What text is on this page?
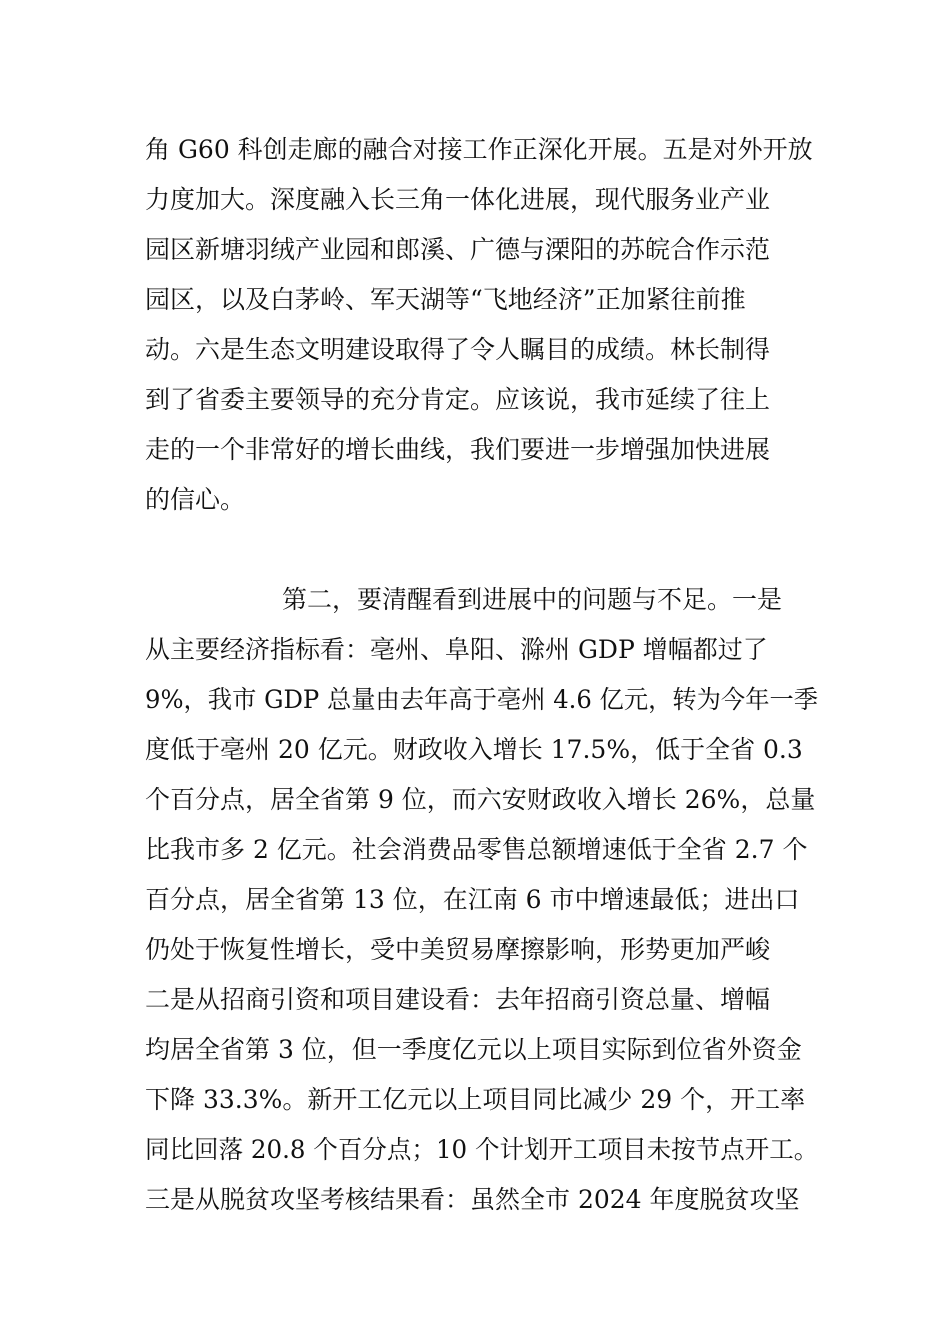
角 G60 科创走廊的融合对接工作正深化开展。五是对外开放
力度加大。深度融入长三角一体化进展，现代服务业产业
园区新塘羽绒产业园和郎溪、广德与溧阳的苏皖合作示范
园区，以及白茅岭、军天湖等“飞地经济”正加紧往前推
动。六是生态文明建设取得了令人瞩目的成绩。林长制得
到了省委主要领导的充分肯定。应该说，我市延续了往上
走的一个非常好的增长曲线，我们要进一步增强加快进展
的信心。
第二，要清醒看到进展中的问题与不足。一是
从主要经济指标看：亳州、阜阳、滁州 GDP 增幅都过了
9%，我市 GDP 总量由去年高于亳州 4.6 亿元，转为今年一季
度低于亳州 20 亿元。财政收入增长 17.5%，低于全省 0.3
个百分点，居全省第 9 位，而六安财政收入增长 26%，总量
比我市多 2 亿元。社会消费品零售总额增速低于全省 2.7 个
百分点，居全省第 13 位，在江南 6 市中增速最低；进出口
仍处于恢复性增长，受中美贸易摩擦影响，形势更加严峻
二是从招商引资和项目建设看：去年招商引资总量、增幅
均居全省第 3 位，但一季度亿元以上项目实际到位省外资金
下降 33.3%。新开工亿元以上项目同比减少 29 个，开工率
同比回落 20.8 个百分点；10 个计划开工项目未按节点开工。
三是从脱贫攻坚考核结果看：虽然全市 2024 年度脱贫攻坚
